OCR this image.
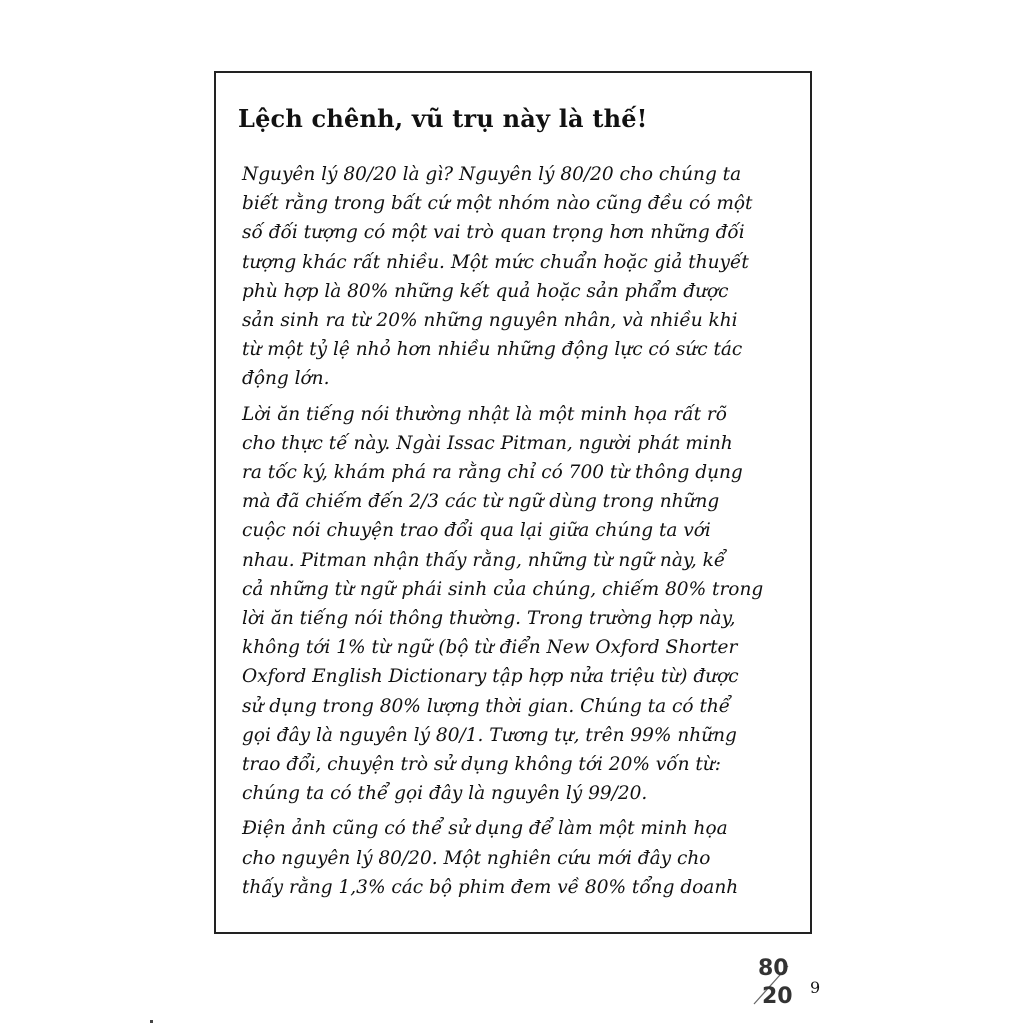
Lệch chênh, vũ trụ này là thế!

Nguyên lý 80/20 là gì? Nguyên lý 80/20 cho chúng ta
biết rằng trong bất cứ một nhóm nào cũng đều có một
số đối tượng có một vai trò quan trọng hơn những đối
tượng khác rất nhiều. Một mức chuẩn hoặc giả thuyết
phù hợp là 80% những kết quả hoặc sản phẩm được
sản sinh ra từ 20% những nguyên nhân, và nhiều khi
từ một tỷ lệ nhỏ hơn nhiều những động lực có sức tác
động lớn.

Lời ăn tiếng nói thường nhật là một minh họa rất rõ
cho thực tế này. Ngài Issac Pitman, người phát minh
ra tốc ký, khám phá ra rằng chỉ có 700 từ thông dụng
mà đã chiếm đến 2/3 các từ ngữ dùng trong những
cuộc nói chuyện trao đổi qua lại giữa chúng ta với
nhau. Pitman nhận thấy rằng, những từ ngữ này, kể
cả những từ ngữ phái sinh của chúng, chiếm 80% trong
lời ăn tiếng nói thông thường. Trong trường hợp này,
không tới 1% từ ngữ (bộ từ điển New Oxford Shorter
Oxford English Dictionary tập hợp nửa triệu từ) được
sử dụng trong 80% lượng thời gian. Chúng ta có thể
gọi đây là nguyên lý 80/1. Tương tự, trên 99% những
trao đổi, chuyện trò sử dụng không tới 20% vốn từ:
chúng ta có thể gọi đây là nguyên lý 99/20.

Điện ảnh cũng có thể sử dụng để làm một minh họa
cho nguyên lý 80/20. Một nghiên cứu mới đây cho
thấy rằng 1,3% các bộ phim đem về 80% tổng doanh

80
20 9
